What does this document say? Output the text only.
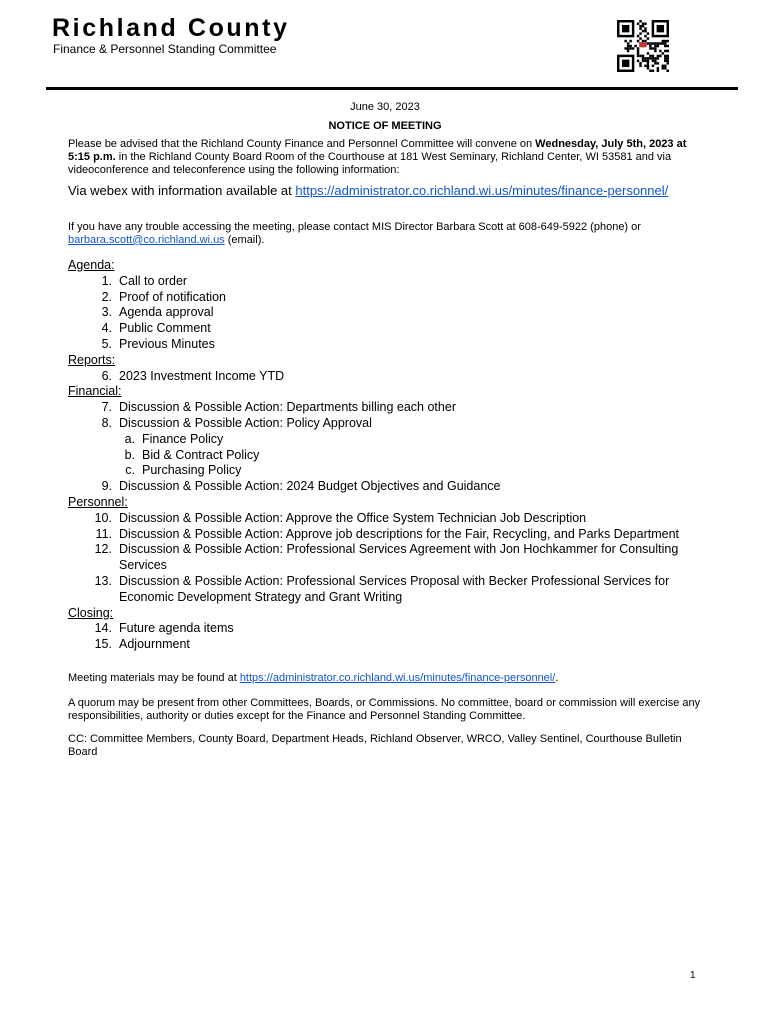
Richland County
Finance & Personnel Standing Committee
June 30, 2023
NOTICE OF MEETING
Please be advised that the Richland County Finance and Personnel Committee will convene on Wednesday, July 5th, 2023 at 5:15 p.m. in the Richland County Board Room of the Courthouse at 181 West Seminary, Richland Center, WI 53581 and via videoconference and teleconference using the following information:
Via webex with information available at https://administrator.co.richland.wi.us/minutes/finance-personnel/
If you have any trouble accessing the meeting, please contact MIS Director Barbara Scott at 608-649-5922 (phone) or barbara.scott@co.richland.wi.us (email).
Agenda:
1. Call to order
2. Proof of notification
3. Agenda approval
4. Public Comment
5. Previous Minutes
Reports:
6. 2023 Investment Income YTD
Financial:
7. Discussion & Possible Action: Departments billing each other
8. Discussion & Possible Action: Policy Approval
a. Finance Policy
b. Bid & Contract Policy
c. Purchasing Policy
9. Discussion & Possible Action: 2024 Budget Objectives and Guidance
Personnel:
10. Discussion & Possible Action: Approve the Office System Technician Job Description
11. Discussion & Possible Action: Approve job descriptions for the Fair, Recycling, and Parks Department
12. Discussion & Possible Action: Professional Services Agreement with Jon Hochkammer for Consulting Services
13. Discussion & Possible Action: Professional Services Proposal with Becker Professional Services for Economic Development Strategy and Grant Writing
Closing:
14. Future agenda items
15. Adjournment
Meeting materials may be found at https://administrator.co.richland.wi.us/minutes/finance-personnel/.
A quorum may be present from other Committees, Boards, or Commissions. No committee, board or commission will exercise any responsibilities, authority or duties except for the Finance and Personnel Standing Committee.
CC: Committee Members, County Board, Department Heads, Richland Observer, WRCO, Valley Sentinel, Courthouse Bulletin Board
1
